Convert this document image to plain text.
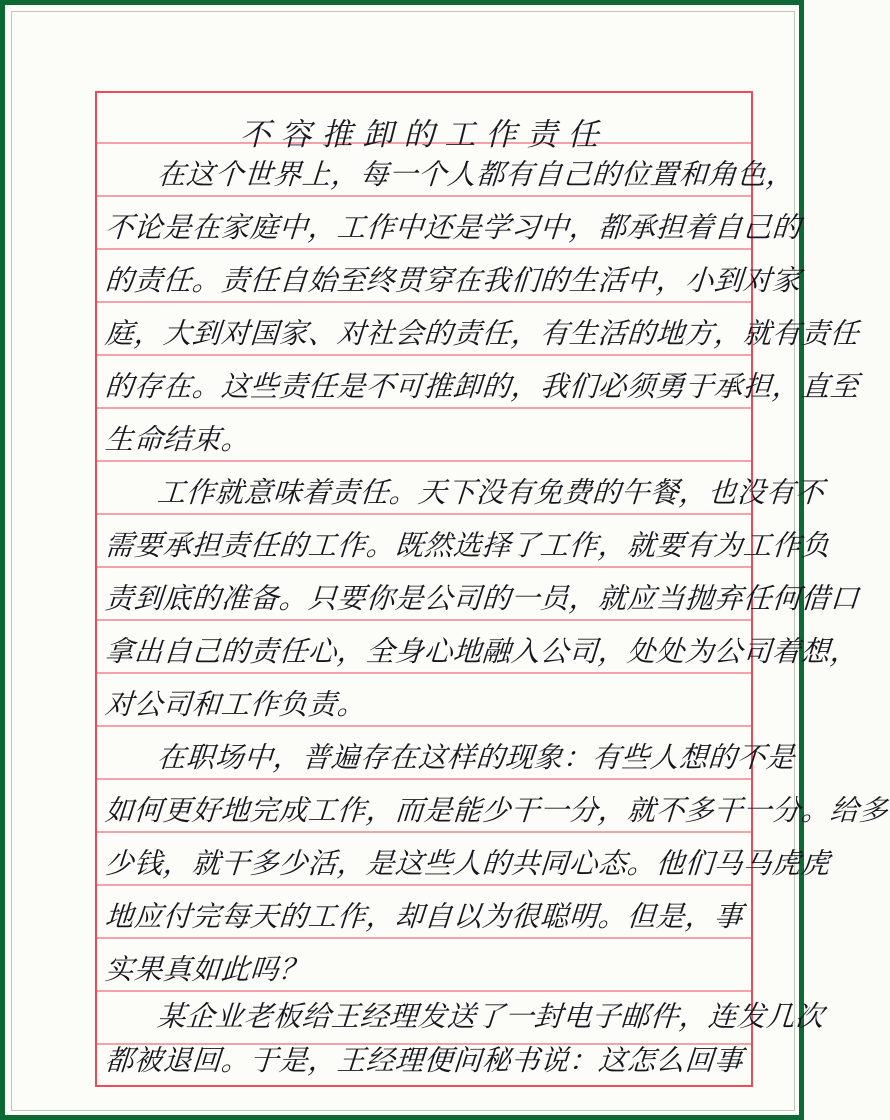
不容推卸的工作责任
在这个世界上，每一个人都有自己的位置和角色，
不论是在家庭中，工作中还是学习中，都承担着自己的
的责任。责任自始至终贯穿在我们的生活中，小到对家
庭，大到对国家、对社会的责任，有生活的地方，就有责任
的存在。这些责任是不可推卸的，我们必须勇于承担，直至
生命结束。
工作就意味着责任。天下没有免费的午餐，也没有不
需要承担责任的工作。既然选择了工作，就要有为工作负
责到底的准备。只要你是公司的一员，就应当抛弃任何借口
拿出自己的责任心，全身心地融入公司，处处为公司着想，
对公司和工作负责。
在职场中，普遍存在这样的现象：有些人想的不是
如何更好地完成工作，而是能少干一分，就不多干一分。给多
少钱，就干多少活，是这些人的共同心态。他们马马虎虎
地应付完每天的工作，却自以为很聪明。但是，事
实果真如此吗？
某企业老板给王经理发送了一封电子邮件，连发几次
都被退回。于是，王经理便问秘书说：这怎么回事
